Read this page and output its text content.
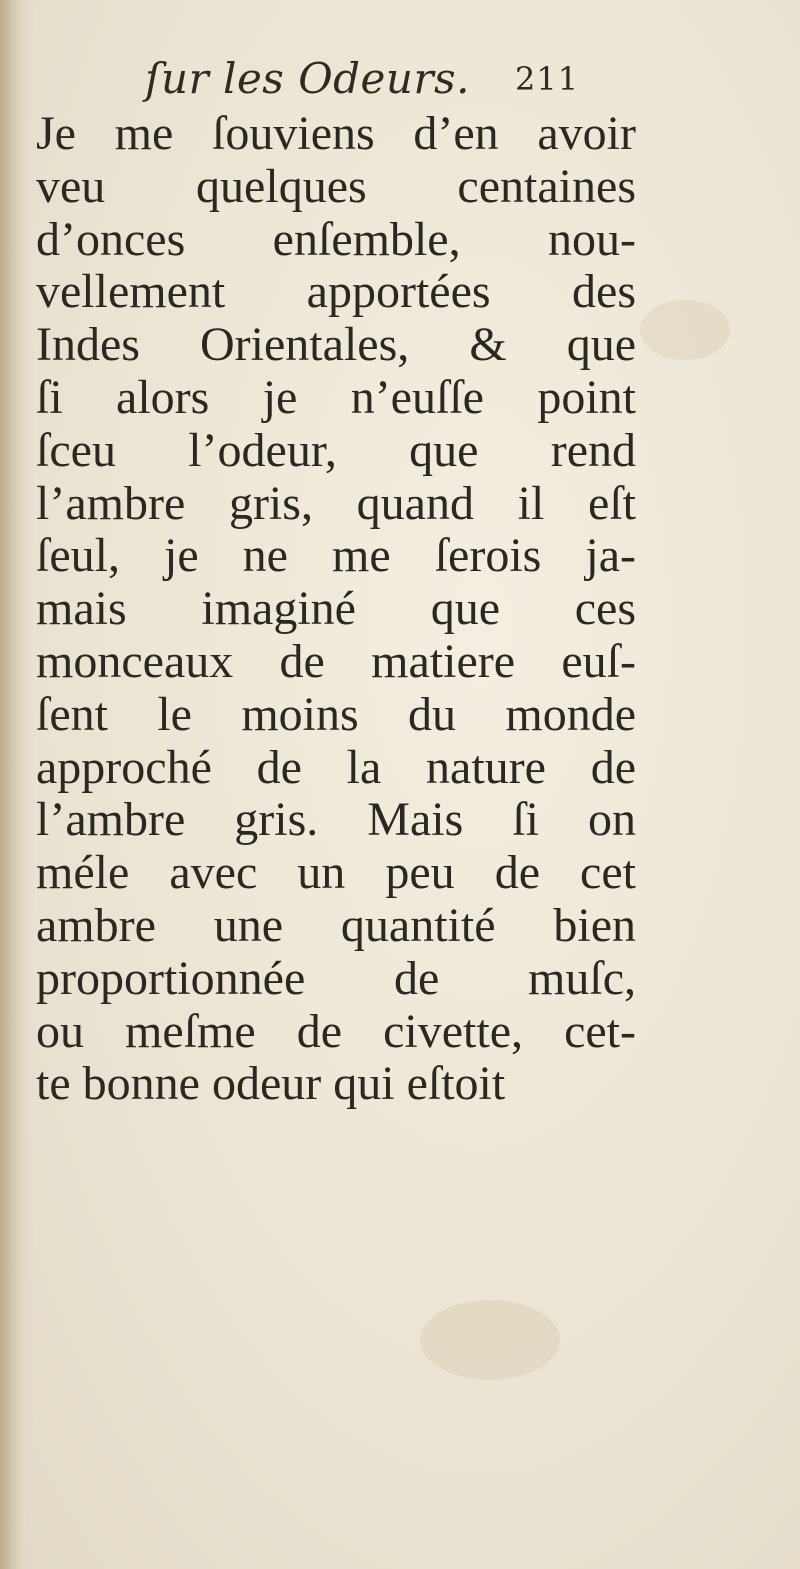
ſur les Odeurs. 211
Je me ſouviens d’en avoir
veu quelques centaines
d’onces enſemble, nou-
vellement apportées des
Indes Orientales, & que
ſi alors je n’euſſe point
ſceu l’odeur, que rend
l’ambre gris, quand il eſt
ſeul, je ne me ſerois ja-
mais imaginé que ces
monceaux de matiere euſ-
ſent le moins du monde
approché de la nature de
l’ambre gris. Mais ſi on
méle avec un peu de cet
ambre une quantité bien
proportionnée de muſc,
ou meſme de civette, cet-
te bonne odeur qui eſtoit
